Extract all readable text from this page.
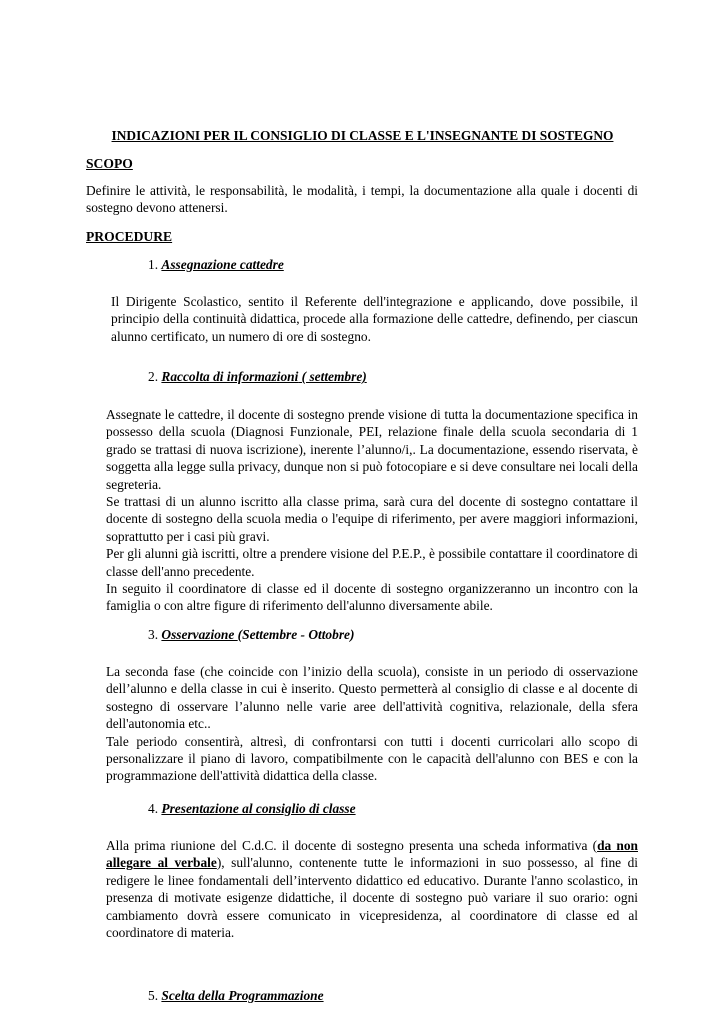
INDICAZIONI PER IL CONSIGLIO DI CLASSE E L'INSEGNANTE DI SOSTEGNO
SCOPO

Definire le attività, le responsabilità, le modalità, i tempi, la documentazione alla quale i docenti di sostegno devono attenersi.

PROCEDURE
1. Assegnazione cattedre

Il Dirigente Scolastico, sentito il Referente dell'integrazione e applicando, dove possibile, il principio della continuità didattica, procede alla formazione delle cattedre, definendo, per ciascun alunno certificato, un numero di ore di sostegno.

2. Raccolta di informazioni ( settembre)

Assegnate le cattedre, il docente di sostegno prende visione di tutta la documentazione specifica in possesso della scuola (Diagnosi Funzionale, PEI, relazione finale della scuola secondaria di 1 grado se trattasi di nuova iscrizione), inerente l’alunno/i,. La documentazione, essendo riservata, è soggetta alla legge sulla privacy, dunque non si può fotocopiare e si deve consultare nei locali della segreteria.

Se trattasi di un alunno iscritto alla classe prima, sarà cura del docente di sostegno contattare il docente di sostegno della scuola media o l'equipe di riferimento, per avere maggiori informazioni, soprattutto per i casi più gravi.

Per gli alunni già iscritti, oltre a prendere visione del P.E.P., è possibile contattare il coordinatore di classe dell'anno precedente.

In seguito il coordinatore di classe ed il docente di sostegno organizzeranno un incontro con la famiglia o con altre figure di riferimento dell'alunno diversamente abile.

3. Osservazione (Settembre - Ottobre)

La seconda fase (che coincide con l’inizio della scuola), consiste in un periodo di osservazione dell’alunno e della classe in cui è inserito. Questo permetterà al consiglio di classe e al docente di sostegno di osservare l’alunno nelle varie aree dell'attività cognitiva, relazionale, della sfera dell'autonomia etc..

Tale periodo consentirà, altresì, di confrontarsi con tutti i docenti curricolari allo scopo di personalizzare il piano di lavoro, compatibilmente con le capacità dell'alunno con BES e con la programmazione dell'attività didattica della classe.

4. Presentazione al consiglio di classe

Alla prima riunione del C.d.C. il docente di sostegno presenta una scheda informativa (da non allegare al verbale), sull'alunno, contenente tutte le informazioni in suo possesso, al fine di redigere le linee fondamentali dell’intervento didattico ed educativo. Durante l'anno scolastico, in presenza di motivate esigenze didattiche, il docente di sostegno può variare il suo orario: ogni cambiamento dovrà essere comunicato in vicepresidenza, al coordinatore di classe ed al coordinatore di materia.

5. Scelta della Programmazione
